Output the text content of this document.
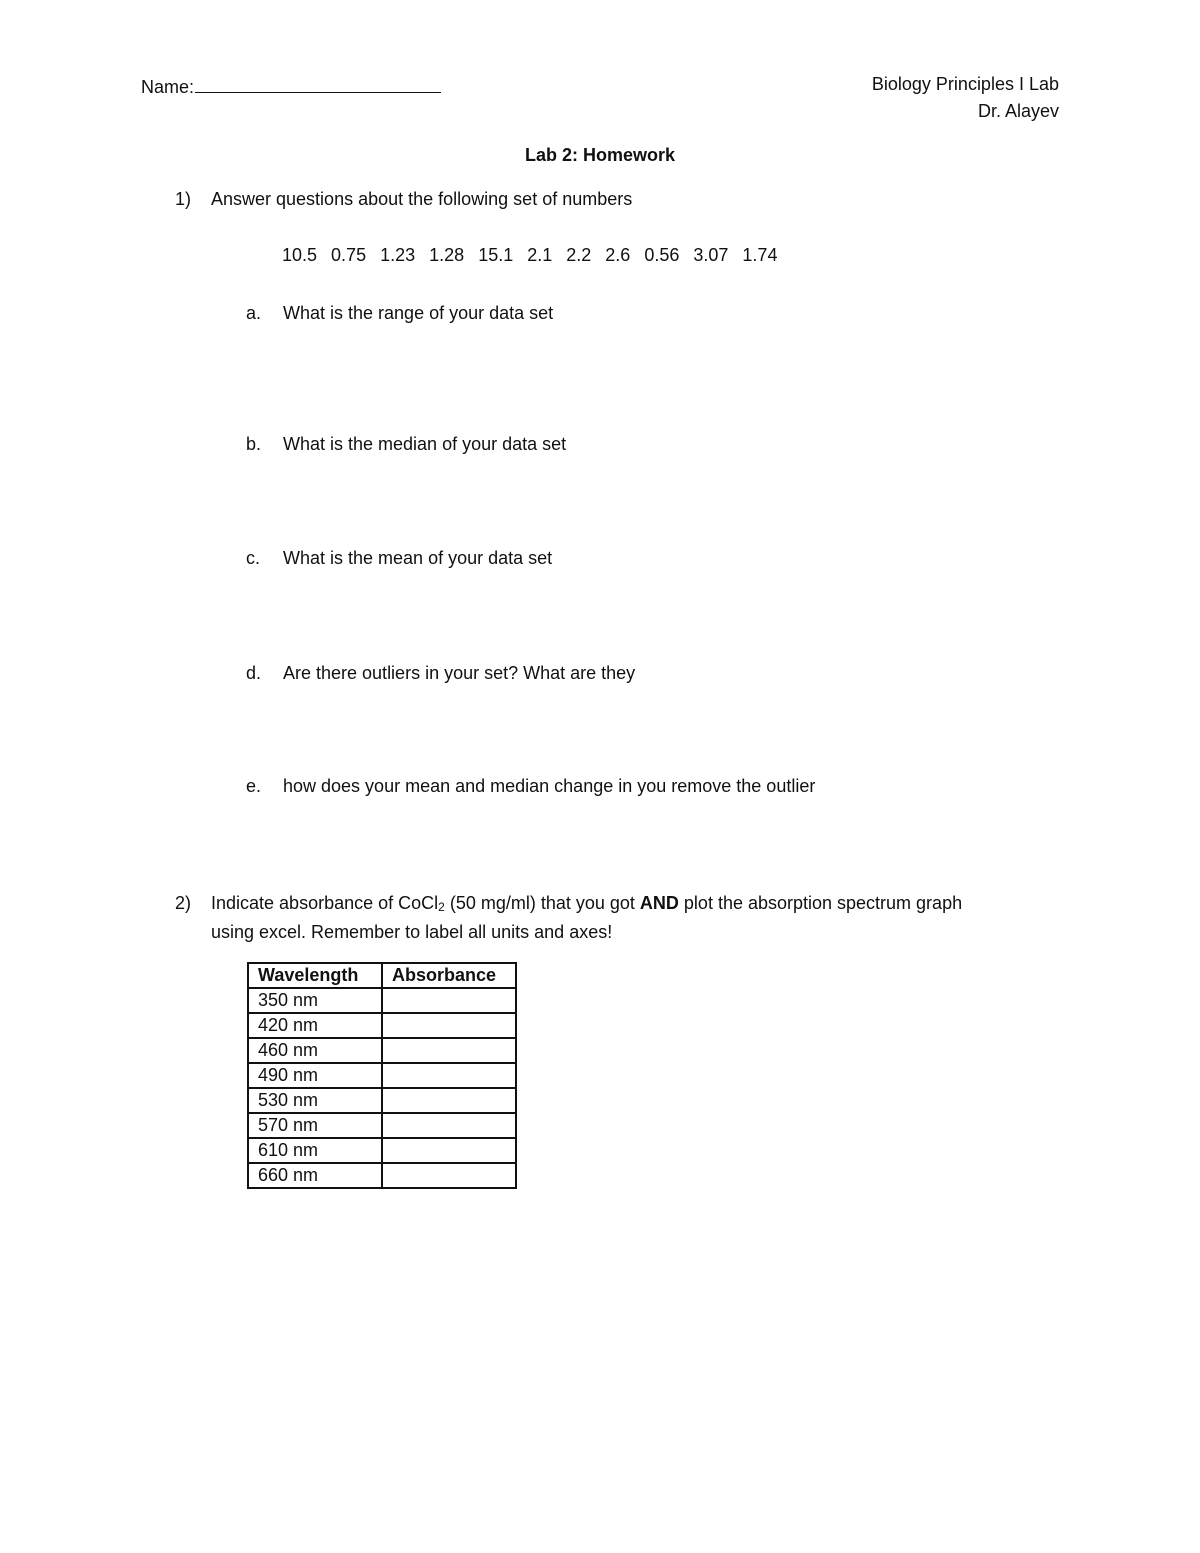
Name:	Biology Principles I Lab
Dr. Alayev
Lab 2: Homework
1) Answer questions about the following set of numbers
10.5 0.75 1.23 1.28 15.1 2.1 2.2 2.6 0.56 3.07 1.74
a. What is the range of your data set
b. What is the median of your data set
c. What is the mean of your data set
d. Are there outliers in your set? What are they
e. how does your mean and median change in you remove the outlier
2) Indicate absorbance of CoCl$_2$ (50 mg/ml) that you got AND plot the absorption spectrum graph
using excel. Remember to label all units and axes!
Wavelength	Absorbance
350 nm	
420 nm	
460 nm	
490 nm	
530 nm	
570 nm	
610 nm	
660 nm	
